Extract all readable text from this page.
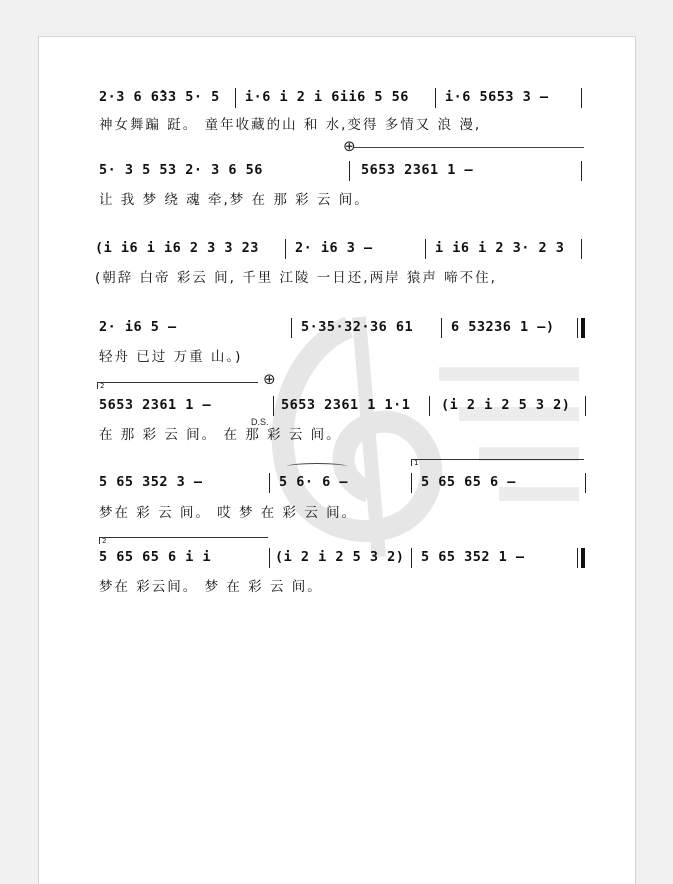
2·3 6 6̂33 5· 5 i·6 i 2 i 6ii6 5 56	i·6 5653 3 —
神女舞蹁 跹。 童年收藏的山 和 水,变得 多情又 浪 漫,
⊕
5· 3 5 53 2· 3 6 56	5653 2361 1 —
让 我 梦 绕 魂 牵,梦 在 那 彩 云 间。
(i i6 i i6 2 3 3 23	2· i6 3 —	i i6 i 2 3· 2 3
(朝辞 白帝 彩云 间, 千里 江陵 一日还,两岸 猿声 啼不住,
2· i6 5 —	5·35·32·36 61	6 53236 1 —)
轻舟 已过 万重 山。)
2	⊕
5653 2361 1 —	5653 2361 1 1·1 (i 2 i 2 5 3 2)
D.S.
在 那 彩 云 间。 在 那 彩 云 间。
1
5 65 352 3 —	5 6· 6 —	5 65 65 6 —
梦在 彩 云 间。 哎 梦 在 彩 云 间。
2
5 65 65 6 i i	(i 2 i 2 5 3 2) 5 65 352 1 —
梦在 彩云间。 梦 在 彩 云 间。
